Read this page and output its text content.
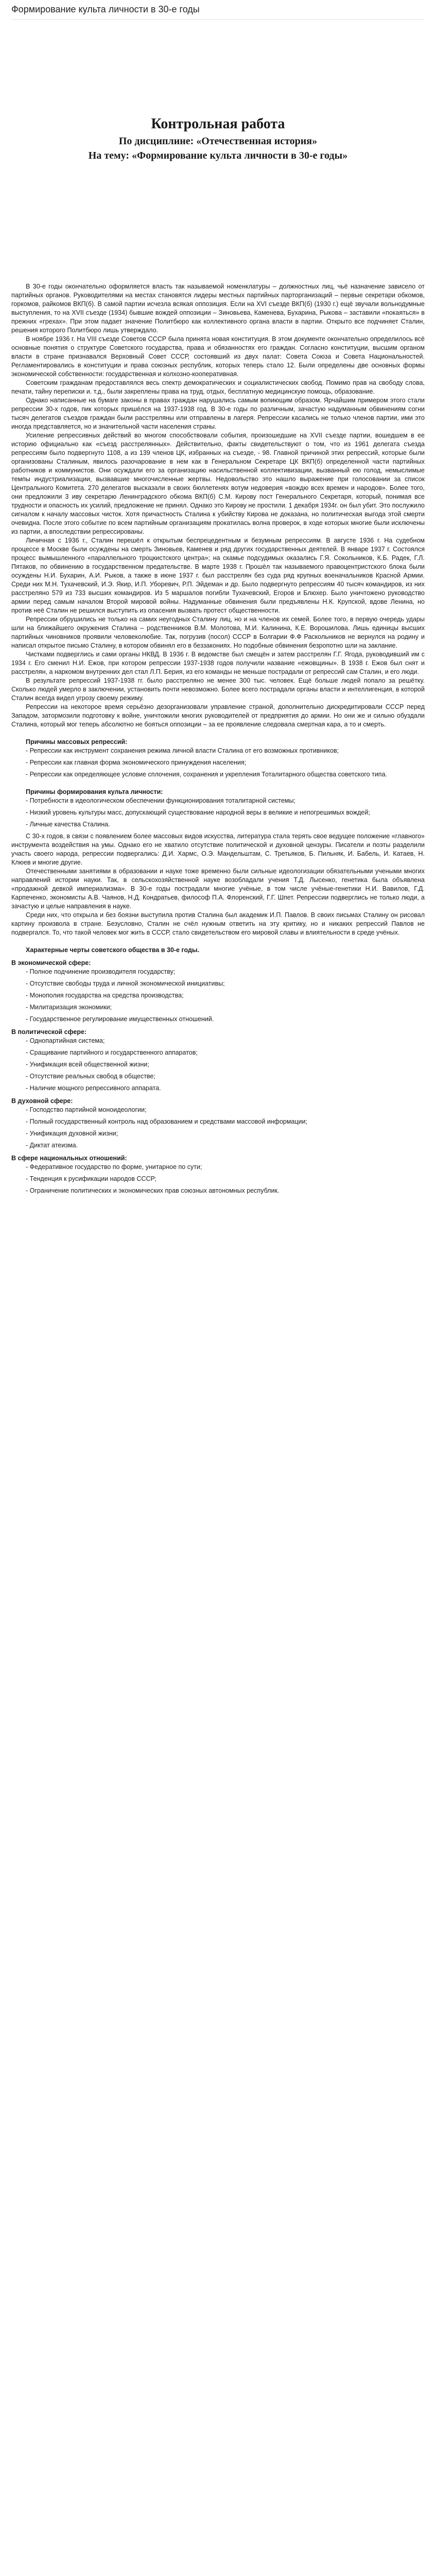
Формирование культа личности в 30-е годы
Контрольная работа
По дисциплине: «Отечественная история»
На тему: «Формирование культа личности в 30-е годы»

В 30-е годы окончательно оформляется власть так называемой номенклатуры – должностных лиц, чьё назначение зависело от партийных органов. Руководителями на местах становятся лидеры местных партийных парторганизаций – первые секретари обкомов, горкомов, райкомов ВКП(б). В самой партии исчезла всякая оппозиция. Если на XVI съезде ВКП(б) (1930 г.) ещё звучали вольнодумные выступления, то на XVII съезде (1934) бывшие вождей оппозиции – Зиновьева, Каменева, Бухарина, Рыкова – заставили «покаяться» в прежних «грехах». При этом падает значение Политбюро как коллективного органа власти в партии. Открыто все подчиняет Сталин, решения которого Политбюро лишь утверждало.

В ноябре 1936 г. На VIII съезде Советов СССР была принята новая конституция. В этом документе окончательно определилось всё основные понятия о структуре Советского государства, права и обязанностях его граждан. Согласно конституции, высшим органом власти в стране признавался Верховный Совет СССР, состоявший из двух палат: Совета Союза и Совета Национальностей. Регламентировались в конституции и права союзных республик, которых теперь стало 12. Были определены две основных формы экономической собственности: государственная и колхозно-кооперативная.

Советским гражданам предоставлялся весь спектр демократических и социалистических свобод. Помимо прав на свободу слова, печати, тайну переписки и. т.д., были закреплены права на труд, отдых, бесплатную медицинскую помощь, образование.

Однако написанные на бумаге законы в правах граждан нарушались самым вопиющим образом. Ярчайшим примером этого стали репрессии 30-х годов, пик которых пришёлся на 1937-1938 год. В 30-е годы по различным, зачастую надуманным обвинениям согни тысяч делегатов съездов граждан были расстреляны или отправлены в лагеря. Репрессии касались не только членов партии, ими это иногда представляется, но и значительной части населения страны.

Усиление репрессивных действий во многом способствовали события, произошедшие на XVII съезде партии, вошедшем в ее историю официально как «съезд расстрелянных». Действительно, факты свидетельствуют о том, что из 1961 делегата съезда репрессиям было подвергнуто 1108, а из 139 членов ЦК, избранных на съезде, - 98. Главной причиной этих репрессий, которые были организованы Сталиным, явилось разочарование в нем как в Генеральном Секретаре ЦК ВКП(б) определенной части партийных работников и коммунистов. Они осуждали его за организацию насильственной коллективизации, вызванный ею голод, немыслимые темпы индустриализации, вызвавшие многочисленные жертвы. Недовольство это нашло выражение при голосовании за список Центрального Комитета. 270 делегатов высказали в своих бюллетенях вотум недоверия «вождю всех времен и народов». Более того, они предложили 3 иву секретарю Ленинградского обкома ВКП(б) С.М. Кирову пост Генерального Секретаря, который, понимая все трудности и опасность их усилий, предложение не принял. Однако это Кирову не простили. 1 декабря 1934г. он был убит. Это послужило сигналом к началу массовых чисток. Хотя причастность Сталина к убийству Кирова не доказана, но политическая выгода этой смерти очевидна. После этого событие по всем партийным организациям прокатилась волна проверок, в ходе которых многие были исключены из партии, а впоследствии репрессированы.

Личичная с 1936 г., Сталин перешёл к открытым беспрецедентным и безумным репрессиям. В августе 1936 г. На судебном процессе в Москве были осуждены на смерть Зиновьев, Каменев и ряд других государственных деятелей. В январе 1937 г. Состоялся процесс вымышленного «параллельного троцкистского центра»; на скамье подсудимых оказались Г.Я. Сокольников, К.Б. Радек, Г.Л. Пятаков, по обвинению в государственном предательстве. В марте 1938 г. Прошёл так называемого правоцентристского блока были осуждены Н.И. Бухарин, А.И. Рыков, а также в июне 1937 г. был расстрелян без суда ряд крупных военачальников Красной Армии. Среди них М.Н. Тухачевский, И.Э. Якир, И.П. Уборевич, Р.П. Эйдеман и др. Было подвергнуто репрессиям 40 тысяч командиров, из них расстреляно 579 из 733 высших командиров. Из 5 маршалов погибли Тухачевский, Егоров и Блюхер. Было уничтожено руководство армии перед самым началом Второй мировой войны. Надуманные обвинения были предъявлены Н.К. Крупской, вдове Ленина, но против неё Сталин не решился выступить из опасения вызвать протест общественности.

Репрессии обрушились не только на самих неугодных Сталину лиц, но и на членов их семей. Более того, в первую очередь удары шли на ближайшего окружения Сталина – родственников В.М. Молотова, М.И. Калинина, К.Е. Ворошилова. Лишь единицы высших партийных чиновников проявили человеколюбие. Так, погрузив (посол) СССР в Болгарии Ф.Ф Раскольников не вернулся на родину и написал открытое письмо Сталину, в котором обвинял его в беззакониях. Но подобные обвинения безропотно шли на заклание.

Чистками подверглись и сами органы НКВД. В 1936 г. В ведомстве был смещён и затем расстрелян Г.Г. Ягода, руководивший им с 1934 г. Его сменил Н.И. Ежов, при котором репрессии 1937-1938 годов получили название «ежовщины». В 1938 г. Ежов был снят и расстрелян, а наркомом внутренних дел стал Л.П. Берия, из его команды не меньше пострадали от репрессий сам Сталин, и его люди.

В результате репрессий 1937-1938 гг. было расстреляно не менее 300 тыс. человек. Ещё больше людей попало за решётку. Сколько людей умерло в заключении, установить почти невозможно. Более всего пострадали органы власти и интеллигенция, в которой Сталин всегда видел угрозу своему режиму.

Репрессии на некоторое время серьёзно дезорганизовали управление страной, дополнительно дискредитировали СССР перед Западом, затормозили подготовку к войне, уничтожили многих руководителей от предприятия до армии. Но они же и сильно обуздали Сталина, который мог теперь абсолютно не бояться оппозиции – за ее проявление следовала смертная кара, а то и смерть.

Причины массовых репрессий:

- Репрессии как инструмент сохранения режима личной власти Сталина от его возможных противников;

- Репрессии как главная форма экономического принуждения населения;

- Репрессии как определяющее условие сплочения, сохранения и укрепления Тоталитарного общества советского типа.

Причины формирования культа личности:

- Потребности в идеологическом обеспечении функционирования тоталитарной системы;

- Низкий уровень культуры масс, допускающий существование народной веры в великие и непогрешимых вождей;

- Личные качества Сталина.

С 30-х годов, в связи с появлением более массовых видов искусства, литература стала терять свое ведущее положение «главного» инструмента воздействия на умы. Однако его не хватило отсутствие политической и духовной цензуры. Писатели и поэты разделили участь своего народа, репрессии подвергались: Д.И. Хармс, О.Э. Мандельштам, С. Третьяков, Б. Пильняк, И. Бабель, И. Катаев, Н. Клюев и многие другие.

Отечественными занятиями в образовании и науке тоже временно были сильные идеологизации обязательными учеными многих направлений истории науки. Так, в сельскохозяйственной науке возобладали учения Т.Д. Лысенко, генетика была объявлена «продажной девкой империализма». В 30-е годы пострадали многие учёные, в том числе учёные-генетики Н.И. Вавилов, Г.Д. Карпеченко, экономисты А.В. Чаянов, Н.Д. Кондратьев, философ П.А. Флоренский, Г.Г. Шпет. Репрессии подверглись не только люди, а зачастую и целые направления в науке.

Среди них, что открыла и без боязни выступила против Сталина был академик И.П. Павлов. В своих письмах Сталину он рисовал картину произвола в стране. Безусловно, Сталин не счёл нужным ответить на эту критику, но и никаких репрессий Павлов не подвергался. То, что такой человек мог жить в СССР, стало свидетельством его мировой славы и влиятельности в среде учёных.

Характерные черты советского общества в 30-е годы.

В экономической сфере:

- Полное подчинение производителя государству;

- Отсутствие свободы труда и личной экономической инициативы;

- Монополия государства на средства производства;

- Милитаризация экономики;

- Государственное регулирование имущественных отношений.

В политической сфере:

- Однопартийная система;

- Сращивание партийного и государственного аппаратов;

- Унификация всей общественной жизни;

- Отсутствие реальных свобод в обществе;

- Наличие мощного репрессивного аппарата.

В духовной сфере:

- Господство партийной монoидеологии;

- Полный государственный контроль над образованием и средствами массовой информации;

- Унификация духовной жизни;

- Диктат атеизма.

В сфере национальных отношений:

- Федеративное государство по форме, унитарное по сути;

- Тенденция к русификации народов СССР;

- Ограничение политических и экономических прав союзных автономных республик.
